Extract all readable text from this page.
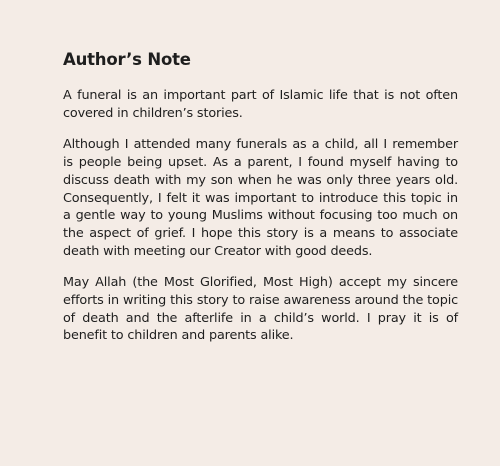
Author’s Note

A funeral is an important part of Islamic life that is not often covered in children’s stories.

Although I attended many funerals as a child, all I remember is people being upset. As a parent, I found myself having to discuss death with my son when he was only three years old. Consequently, I felt it was important to introduce this topic in a gentle way to young Muslims without focusing too much on the aspect of grief. I hope this story is a means to associate death with meeting our Creator with good deeds.

May Allah (the Most Glorified, Most High) accept my sincere efforts in writing this story to raise awareness around the topic of death and the afterlife in a child’s world. I pray it is of benefit to children and parents alike.
